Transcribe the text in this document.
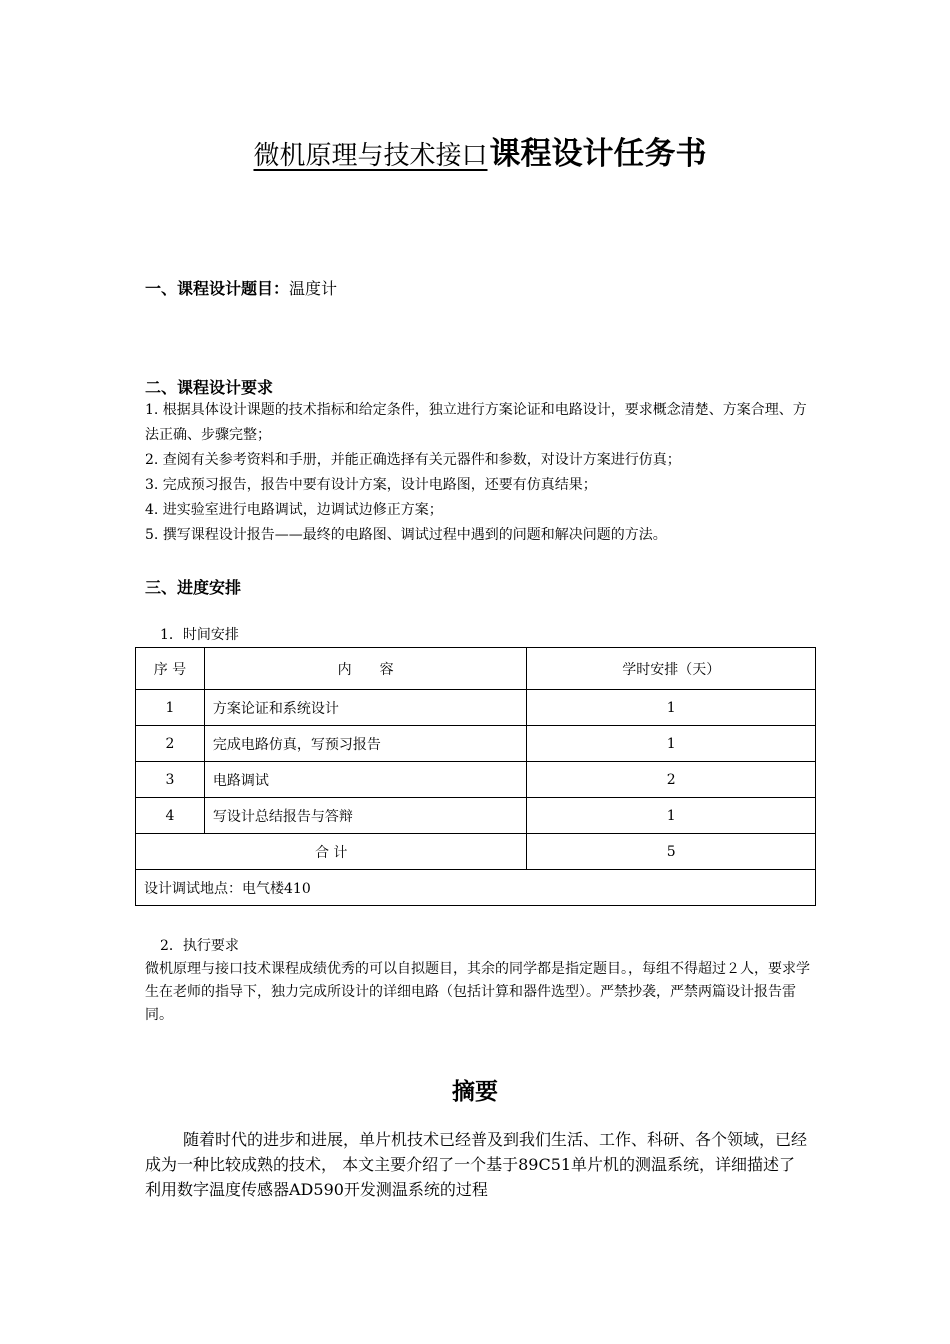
微机原理与技术接口课程设计任务书
一、课程设计题目：温度计
二、课程设计要求

1. 根据具体设计课题的技术指标和给定条件，独立进行方案论证和电路设计，要求概念清楚、方案合理、方法正确、步骤完整；

2. 查阅有关参考资料和手册，并能正确选择有关元器件和参数，对设计方案进行仿真；

3. 完成预习报告，报告中要有设计方案，设计电路图，还要有仿真结果；

4. 进实验室进行电路调试，边调试边修正方案；

5. 撰写课程设计报告——最终的电路图、调试过程中遇到的问题和解决问题的方法。

三、进度安排
1．时间安排
序 号	内　　容	学时安排（天）
1	方案论证和系统设计	1
2	完成电路仿真，写预习报告	1
3	电路调试	2
4	写设计总结报告与答辩	1
合 计		5
设计调试地点：电气楼410		
2．执行要求

微机原理与接口技术课程成绩优秀的可以自拟题目，其余的同学都是指定题目。，每组不得超过２人，要求学生在老师的指导下，独力完成所设计的详细电路（包括计算和器件选型）。严禁抄袭，严禁两篇设计报告雷同。

摘要

随着时代的进步和进展，单片机技术已经普及到我们生活、工作、科研、各个领域，已经成为一种比较成熟的技术， 本文主要介绍了一个基于89C51单片机的测温系统，详细描述了利用数字温度传感器AD590开发测温系统的过程
